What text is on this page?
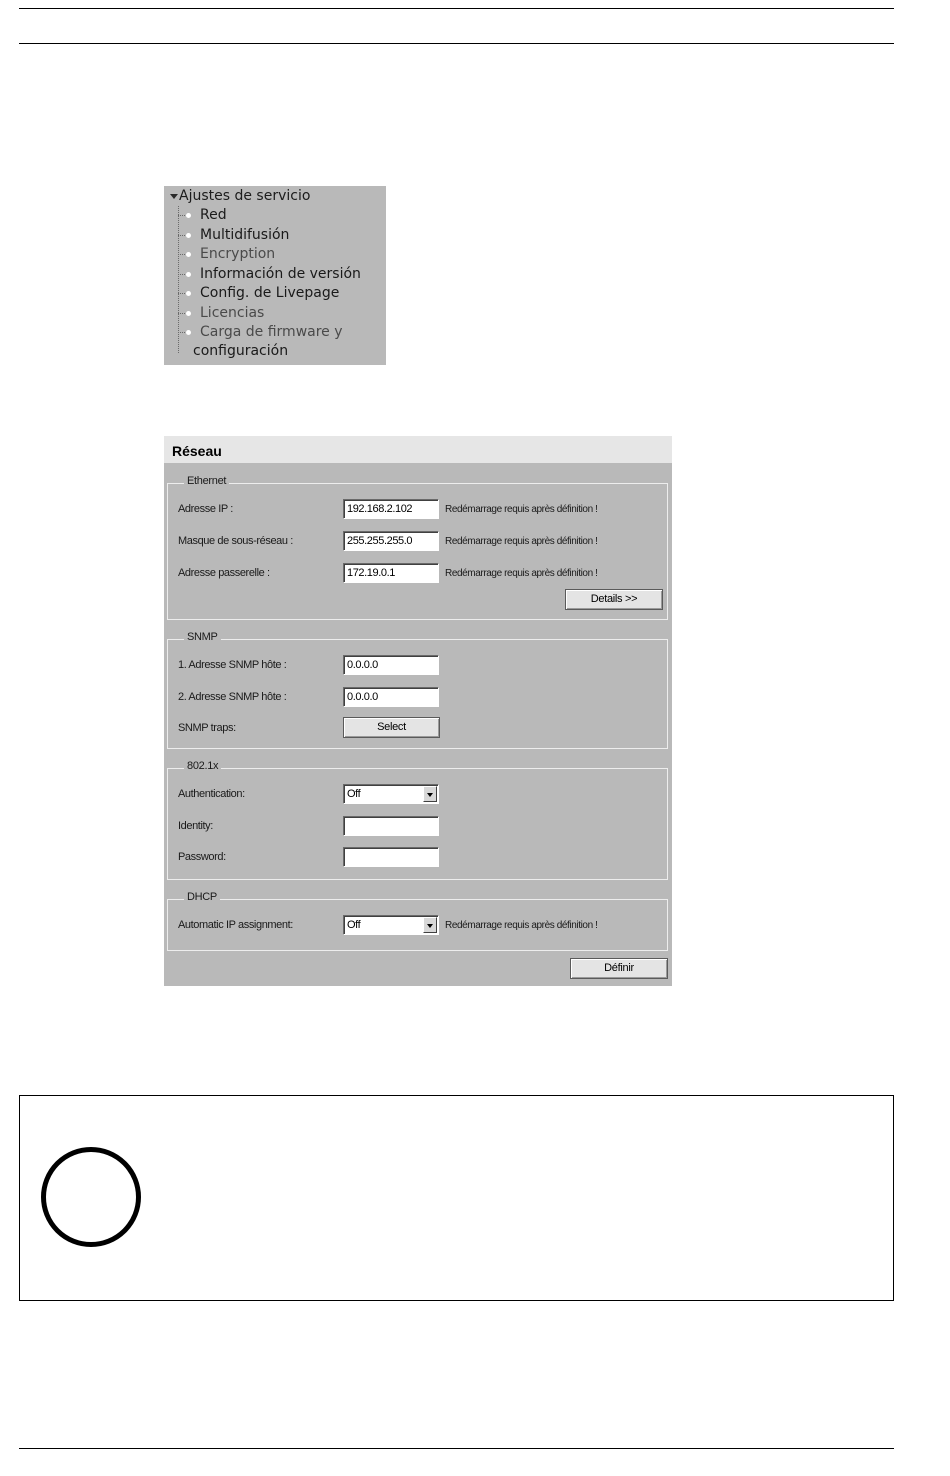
Ajustes de servicio
Red
Multidifusión
Encryption
Información de versión
Config. de Livepage
Licencias
Carga de firmware y
configuración
Réseau
Ethernet
Adresse IP :	192.168.2.102	Redémarrage requis après définition !
Masque de sous-réseau :	255.255.255.0	Redémarrage requis après définition !
Adresse passerelle :	172.19.0.1	Redémarrage requis après définition !
Details >>
SNMP
1. Adresse SNMP hôte :	0.0.0.0
2. Adresse SNMP hôte :	0.0.0.0
SNMP traps:	Select
802.1x
Authentication:	Off
Identity:
Password:
DHCP
Automatic IP assignment:	Off	Redémarrage requis après définition !
Définir
